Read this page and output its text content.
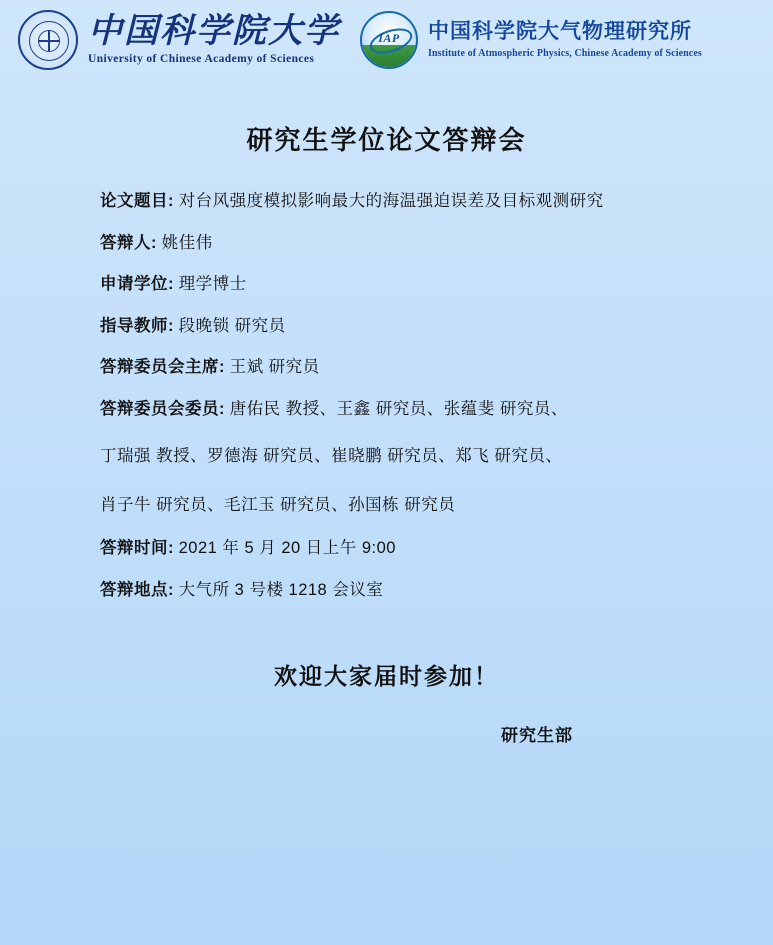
中国科学院大学
University of Chinese Academy of Sciences
IAP	中国科学院大气物理研究所
Institute of Atmospheric Physics, Chinese Academy of Sciences
研究生学位论文答辩会
论文题目: 对台风强度模拟影响最大的海温强迫误差及目标观测研究
答辩人: 姚佳伟
申请学位: 理学博士
指导教师: 段晚锁 研究员
答辩委员会主席: 王斌 研究员
答辩委员会委员: 唐佑民 教授、王鑫 研究员、张蕴斐 研究员、
丁瑞强 教授、罗德海 研究员、崔晓鹏 研究员、郑飞 研究员、
肖子牛 研究员、毛江玉 研究员、孙国栋 研究员
答辩时间: 2021 年 5 月 20 日上午 9:00
答辩地点: 大气所 3 号楼 1218 会议室
欢迎大家届时参加！
研究生部
